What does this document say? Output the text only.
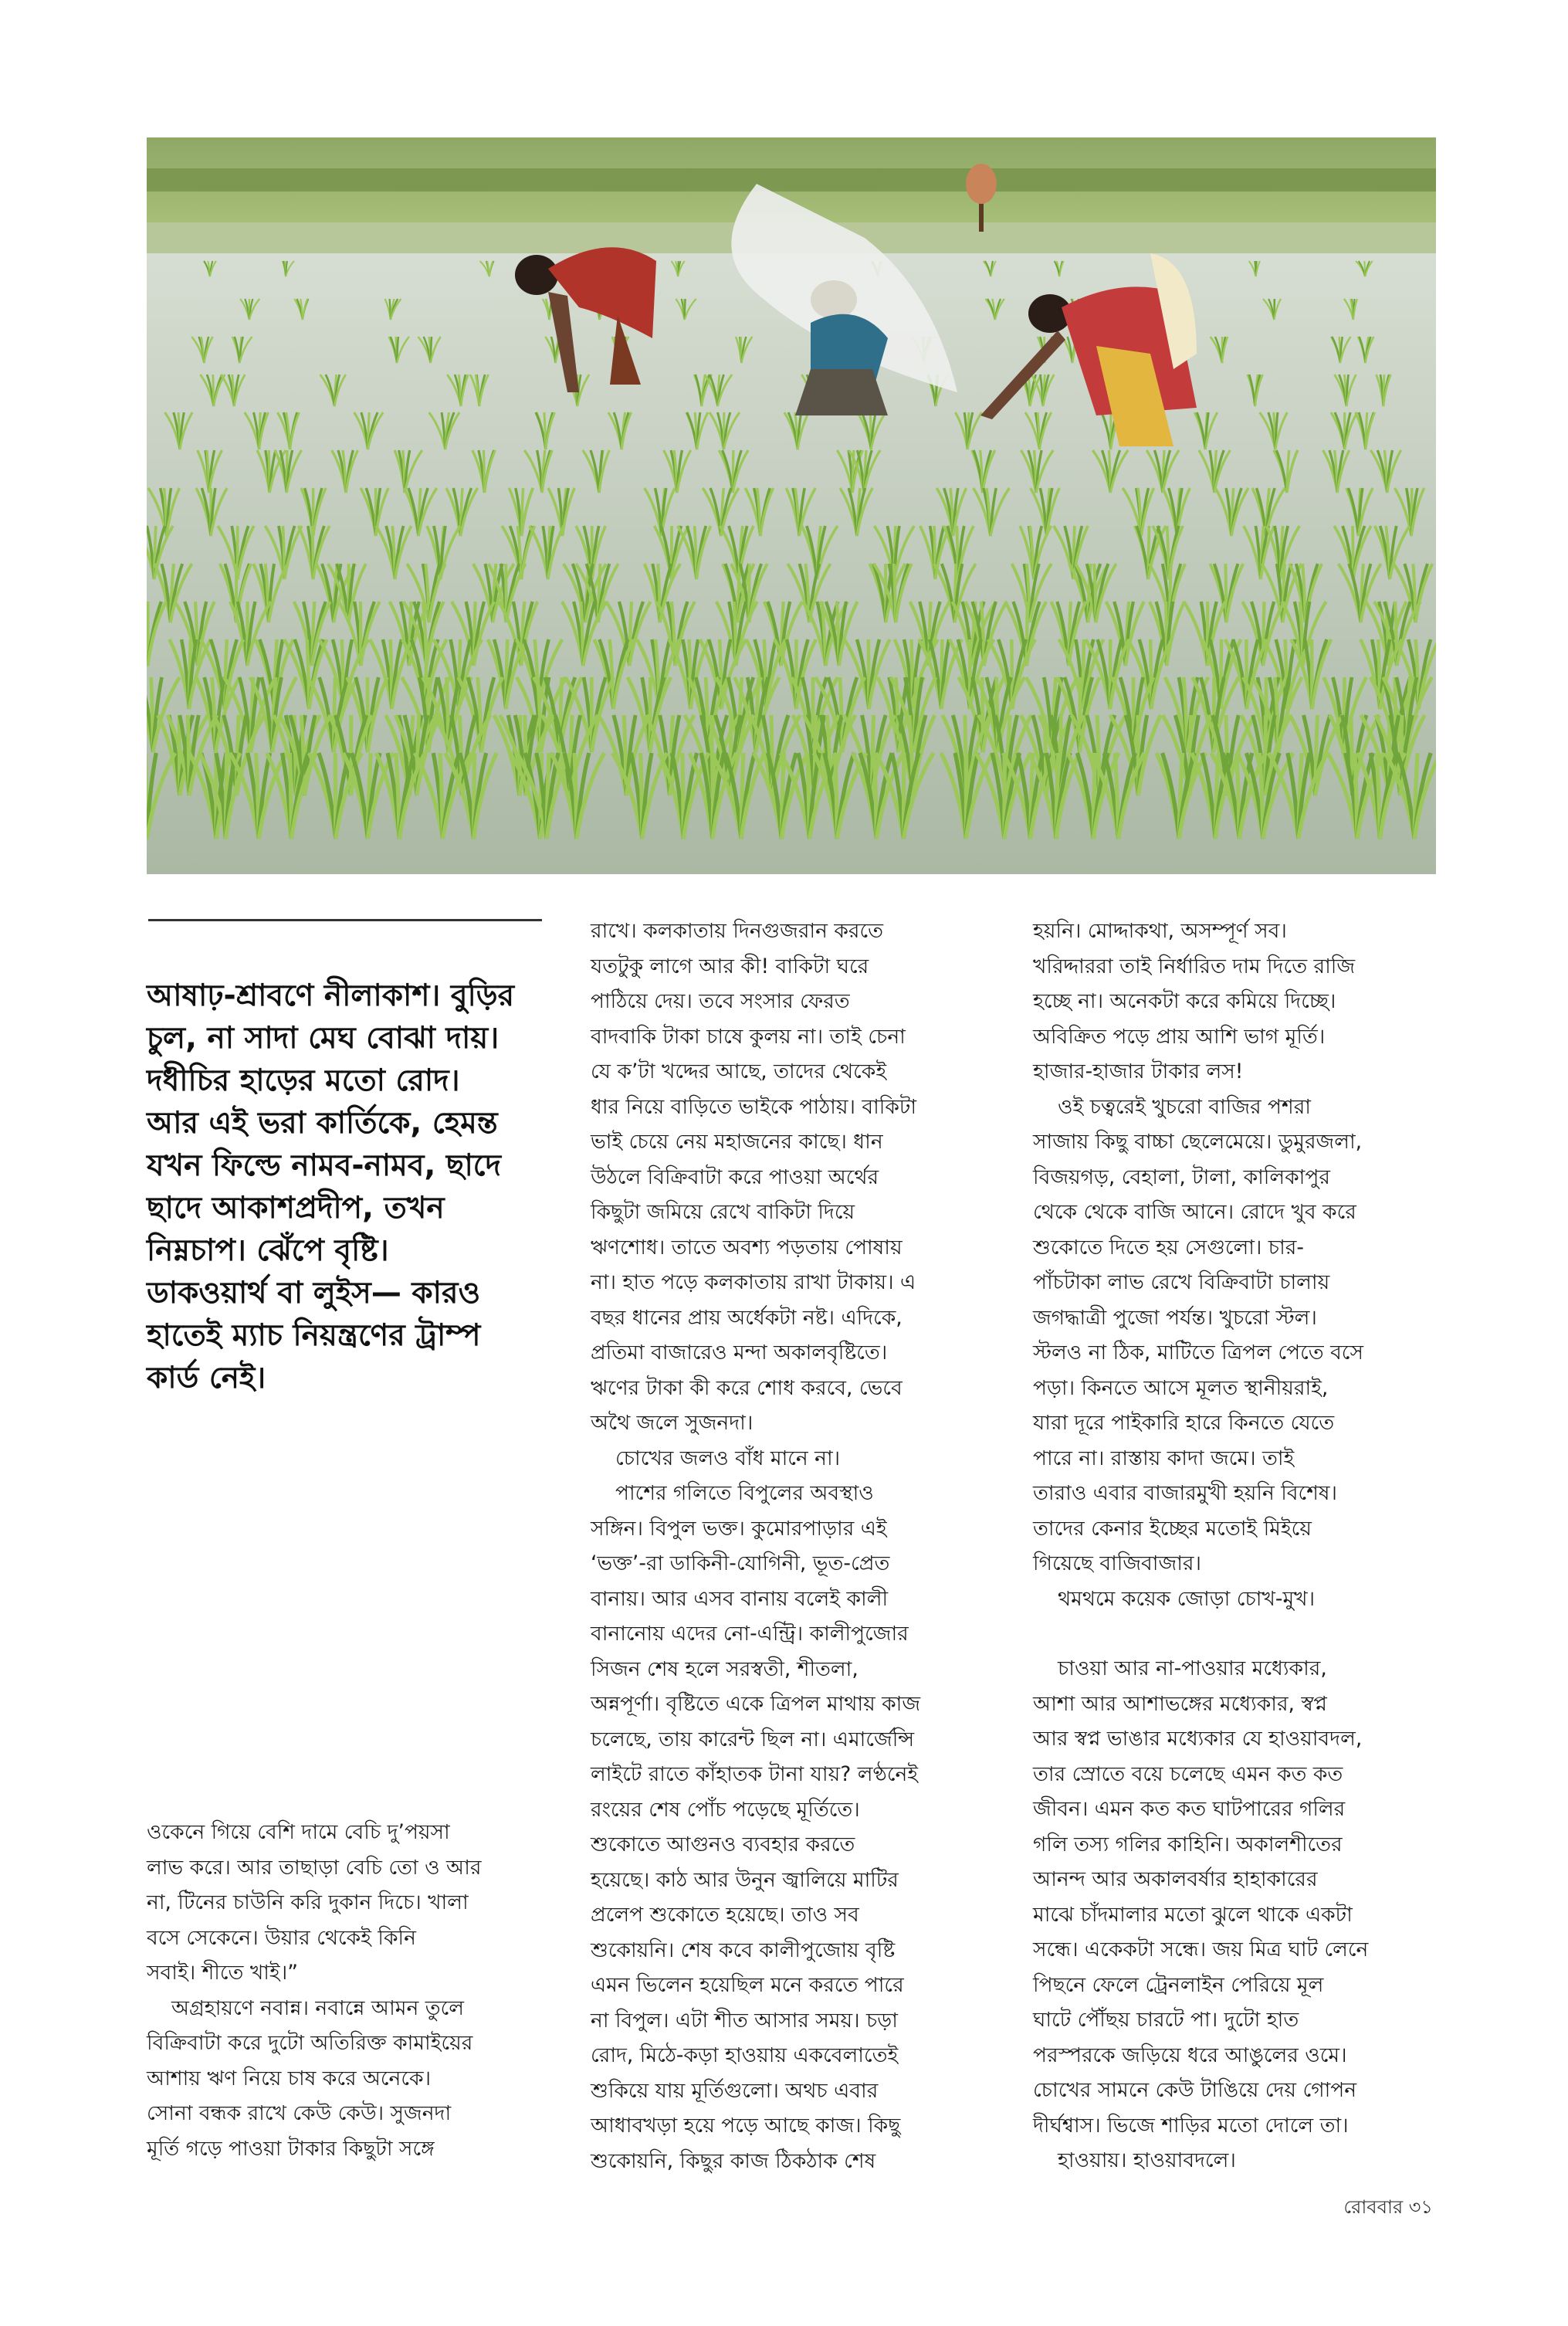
আষাঢ়-শ্রাবণে নীলাকাশ। বুড়ির
চুল, না সাদা মেঘ বোঝা দায়।
দধীচির হাড়ের মতো রোদ।
আর এই ভরা কার্তিকে, হেমন্ত
যখন ফিল্ডে নামব-নামব, ছাদে
ছাদে আকাশপ্রদীপ, তখন
নিম্নচাপ। ঝেঁপে বৃষ্টি।
ডাকওয়ার্থ বা লুইস— কারও
হাতেই ম্যাচ নিয়ন্ত্রণের ট্রাম্প
কার্ড নেই।
ওকেনে গিয়ে বেশি দামে বেচি দু’পয়সা
লাভ করে। আর তাছাড়া বেচি তো ও আর
না, টিনের চাউনি করি দুকান দিচে। খালা
বসে সেকেনে। উয়ার থেকেই কিনি
সবাই। শীতে খাই।”
অগ্রহায়ণে নবান্ন। নবান্নে আমন তুলে
বিক্রিবাটা করে দুটো অতিরিক্ত কামাইয়ের
আশায় ঋণ নিয়ে চাষ করে অনেকে।
সোনা বন্ধক রাখে কেউ কেউ। সুজনদা
মূর্তি গড়ে পাওয়া টাকার কিছুটা সঙ্গে
রাখে। কলকাতায় দিনগুজরান করতে
যতটুকু লাগে আর কী! বাকিটা ঘরে
পাঠিয়ে দেয়। তবে সংসার ফেরত
বাদবাকি টাকা চাষে কুলয় না। তাই চেনা
যে ক’টা খদ্দের আছে, তাদের থেকেই
ধার নিয়ে বাড়িতে ভাইকে পাঠায়। বাকিটা
ভাই চেয়ে নেয় মহাজনের কাছে। ধান
উঠলে বিক্রিবাটা করে পাওয়া অর্থের
কিছুটা জমিয়ে রেখে বাকিটা দিয়ে
ঋণশোধ। তাতে অবশ্য পড়তায় পোষায়
না। হাত পড়ে কলকাতায় রাখা টাকায়। এ
বছর ধানের প্রায় অর্ধেকটা নষ্ট। এদিকে,
প্রতিমা বাজারেও মন্দা অকালবৃষ্টিতে।
ঋণের টাকা কী করে শোধ করবে, ভেবে
অথৈ জলে সুজনদা।
চোখের জলও বাঁধ মানে না।
পাশের গলিতে বিপুলের অবস্থাও
সঙ্গিন। বিপুল ভক্ত। কুমোরপাড়ার এই
‘ভক্ত’-রা ডাকিনী-যোগিনী, ভূত-প্রেত
বানায়। আর এসব বানায় বলেই কালী
বানানোয় এদের নো-এন্ট্রি। কালীপুজোর
সিজন শেষ হলে সরস্বতী, শীতলা,
অন্নপূর্ণা। বৃষ্টিতে একে ত্রিপল মাথায় কাজ
চলেছে, তায় কারেন্ট ছিল না। এমার্জেন্সি
লাইটে রাতে কাঁহাতক টানা যায়? লণ্ঠনেই
রংয়ের শেষ পোঁচ পড়েছে মূর্তিতে।
শুকোতে আগুনও ব্যবহার করতে
হয়েছে। কাঠ আর উনুন জ্বালিয়ে মাটির
প্রলেপ শুকোতে হয়েছে। তাও সব
শুকোয়নি। শেষ কবে কালীপুজোয় বৃষ্টি
এমন ভিলেন হয়েছিল মনে করতে পারে
না বিপুল। এটা শীত আসার সময়। চড়া
রোদ, মিঠে-কড়া হাওয়ায় একবেলাতেই
শুকিয়ে যায় মূর্তিগুলো। অথচ এবার
আধাবখড়া হয়ে পড়ে আছে কাজ। কিছু
শুকোয়নি, কিছুর কাজ ঠিকঠাক শেষ
হয়নি। মোদ্দাকথা, অসম্পূর্ণ সব।
খরিদ্দাররা তাই নির্ধারিত দাম দিতে রাজি
হচ্ছে না। অনেকটা করে কমিয়ে দিচ্ছে।
অবিক্রিত পড়ে প্রায় আশি ভাগ মূর্তি।
হাজার-হাজার টাকার লস!
ওই চত্বরেই খুচরো বাজির পশরা
সাজায় কিছু বাচ্চা ছেলেমেয়ে। ডুমুরজলা,
বিজয়গড়, বেহালা, টালা, কালিকাপুর
থেকে থেকে বাজি আনে। রোদে খুব করে
শুকোতে দিতে হয় সেগুলো। চার-
পাঁচটাকা লাভ রেখে বিক্রিবাটা চালায়
জগদ্ধাত্রী পুজো পর্যন্ত। খুচরো স্টল।
স্টলও না ঠিক, মাটিতে ত্রিপল পেতে বসে
পড়া। কিনতে আসে মূলত স্থানীয়রাই,
যারা দূরে পাইকারি হারে কিনতে যেতে
পারে না। রাস্তায় কাদা জমে। তাই
তারাও এবার বাজারমুখী হয়নি বিশেষ।
তাদের কেনার ইচ্ছের মতোই মিইয়ে
গিয়েছে বাজিবাজার।
থমথমে কয়েক জোড়া চোখ-মুখ।
চাওয়া আর না-পাওয়ার মধ্যেকার,
আশা আর আশাভঙ্গের মধ্যেকার, স্বপ্ন
আর স্বপ্ন ভাঙার মধ্যেকার যে হাওয়াবদল,
তার স্রোতে বয়ে চলেছে এমন কত কত
জীবন। এমন কত কত ঘাটপারের গলির
গলি তস্য গলির কাহিনি। অকালশীতের
আনন্দ আর অকালবর্ষার হাহাকারের
মাঝে চাঁদমালার মতো ঝুলে থাকে একটা
সন্ধে। একেকটা সন্ধে। জয় মিত্র ঘাট লেনে
পিছনে ফেলে ট্রেনলাইন পেরিয়ে মূল
ঘাটে পৌঁছয় চারটে পা। দুটো হাত
পরস্পরকে জড়িয়ে ধরে আঙুলের ওমে।
চোখের সামনে কেউ টাঙিয়ে দেয় গোপন
দীর্ঘশ্বাস। ভিজে শাড়ির মতো দোলে তা।
হাওয়ায়। হাওয়াবদলে।
রোববার ৩১
